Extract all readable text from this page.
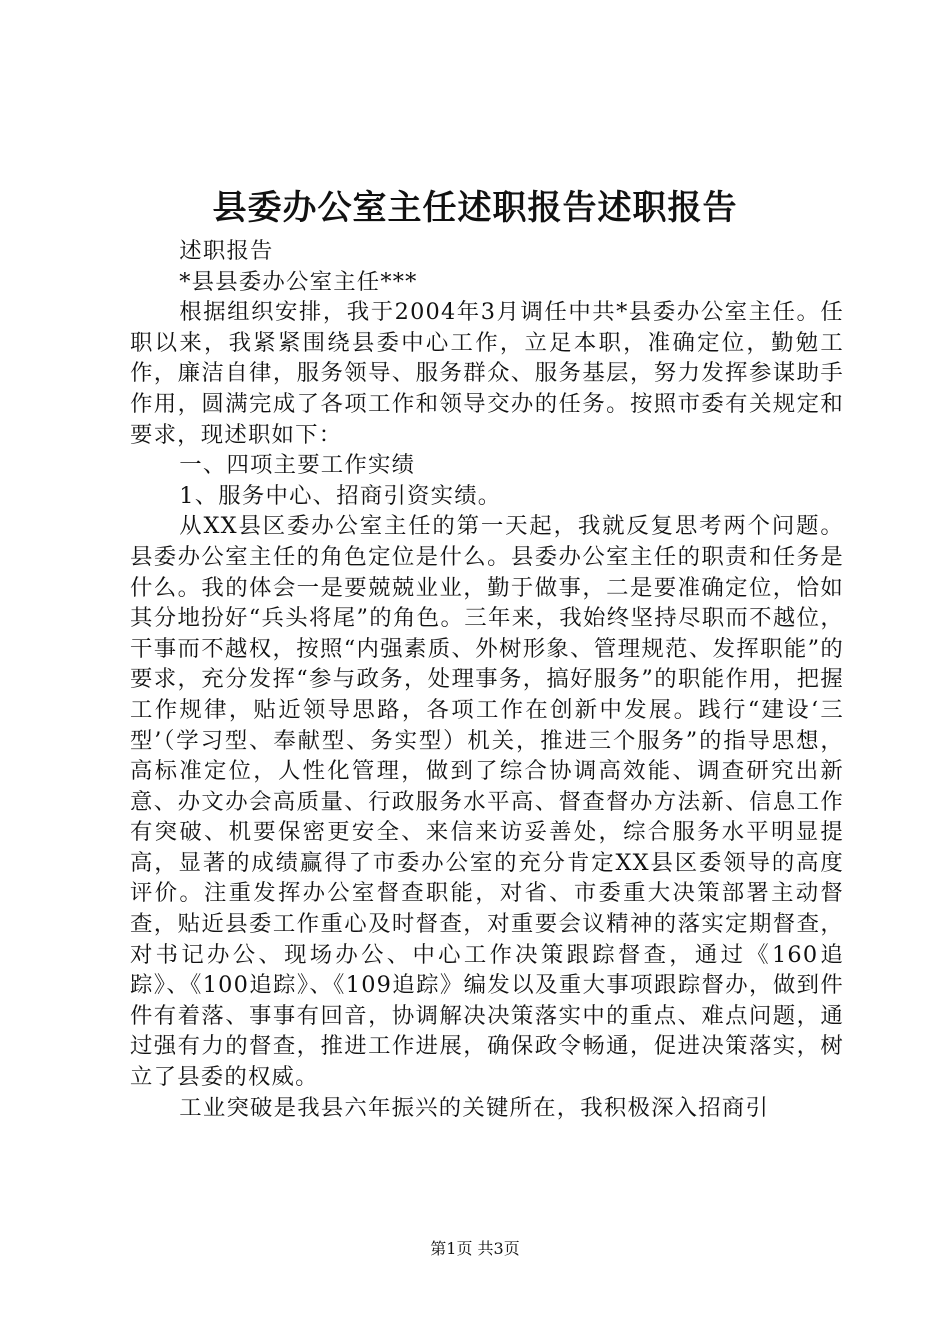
县委办公室主任述职报告述职报告

述职报告

*县县委办公室主任***

根据组织安排，我于2004年3月调任中共*县委办公室主任。任职以来，我紧紧围绕县委中心工作，立足本职，准确定位，勤勉工作，廉洁自律，服务领导、服务群众、服务基层，努力发挥参谋助手作用，圆满完成了各项工作和领导交办的任务。按照市委有关规定和要求，现述职如下：

一、四项主要工作实绩

1、服务中心、招商引资实绩。

从XX县区委办公室主任的第一天起，我就反复思考两个问题。县委办公室主任的角色定位是什么。县委办公室主任的职责和任务是什么。我的体会一是要兢兢业业，勤于做事，二是要准确定位，恰如其分地扮好“兵头将尾”的角色。三年来，我始终坚持尽职而不越位，干事而不越权，按照“内强素质、外树形象、管理规范、发挥职能”的要求，充分发挥“参与政务，处理事务，搞好服务”的职能作用，把握工作规律，贴近领导思路，各项工作在创新中发展。践行“建设‘三型’（学习型、奉献型、务实型）机关，推进三个服务”的指导思想，高标准定位，人性化管理，做到了综合协调高效能、调查研究出新意、办文办会高质量、行政服务水平高、督查督办方法新、信息工作有突破、机要保密更安全、来信来访妥善处，综合服务水平明显提高，显著的成绩赢得了市委办公室的充分肯定XX县区委领导的高度评价。注重发挥办公室督查职能，对省、市委重大决策部署主动督查，贴近县委工作重心及时督查，对重要会议精神的落实定期督查，对书记办公、现场办公、中心工作决策跟踪督查，通过《160追踪》、《100追踪》、《109追踪》编发以及重大事项跟踪督办，做到件件有着落、事事有回音，协调解决决策落实中的重点、难点问题，通过强有力的督查，推进工作进展，确保政令畅通，促进决策落实，树立了县委的权威。

工业突破是我县六年振兴的关键所在，我积极深入招商引

第1页 共3页
